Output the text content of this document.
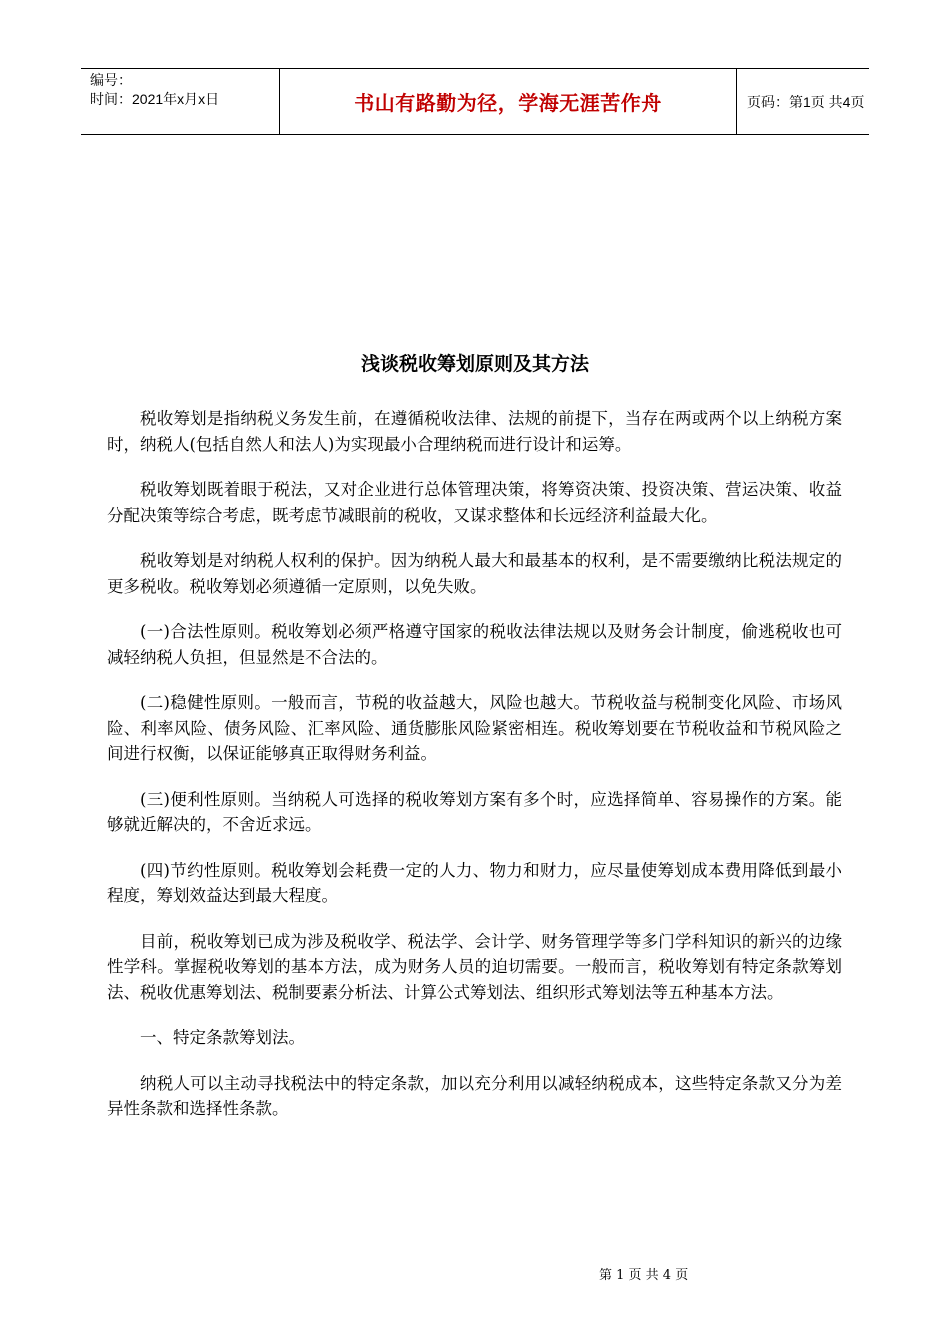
编号：
时间：2021年x月x日	书山有路勤为径，学海无涯苦作舟	页码：第1页 共4页
浅谈税收筹划原则及其方法

税收筹划是指纳税义务发生前，在遵循税收法律、法规的前提下，当存在两或两个以上纳税方案时，纳税人(包括自然人和法人)为实现最小合理纳税而进行设计和运筹。

税收筹划既着眼于税法，又对企业进行总体管理决策，将筹资决策、投资决策、营运决策、收益分配决策等综合考虑，既考虑节减眼前的税收，又谋求整体和长远经济利益最大化。

税收筹划是对纳税人权利的保护。因为纳税人最大和最基本的权利，是不需要缴纳比税法规定的更多税收。税收筹划必须遵循一定原则，以免失败。

(一)合法性原则。税收筹划必须严格遵守国家的税收法律法规以及财务会计制度，偷逃税收也可减轻纳税人负担，但显然是不合法的。

(二)稳健性原则。一般而言，节税的收益越大，风险也越大。节税收益与税制变化风险、市场风险、利率风险、债务风险、汇率风险、通货膨胀风险紧密相连。税收筹划要在节税收益和节税风险之间进行权衡，以保证能够真正取得财务利益。

(三)便利性原则。当纳税人可选择的税收筹划方案有多个时，应选择简单、容易操作的方案。能够就近解决的，不舍近求远。

(四)节约性原则。税收筹划会耗费一定的人力、物力和财力，应尽量使筹划成本费用降低到最小程度，筹划效益达到最大程度。

目前，税收筹划已成为涉及税收学、税法学、会计学、财务管理学等多门学科知识的新兴的边缘性学科。掌握税收筹划的基本方法，成为财务人员的迫切需要。一般而言，税收筹划有特定条款筹划法、税收优惠筹划法、税制要素分析法、计算公式筹划法、组织形式筹划法等五种基本方法。

一、特定条款筹划法。

纳税人可以主动寻找税法中的特定条款，加以充分利用以减轻纳税成本，这些特定条款又分为差异性条款和选择性条款。

第 1 页 共 4 页
